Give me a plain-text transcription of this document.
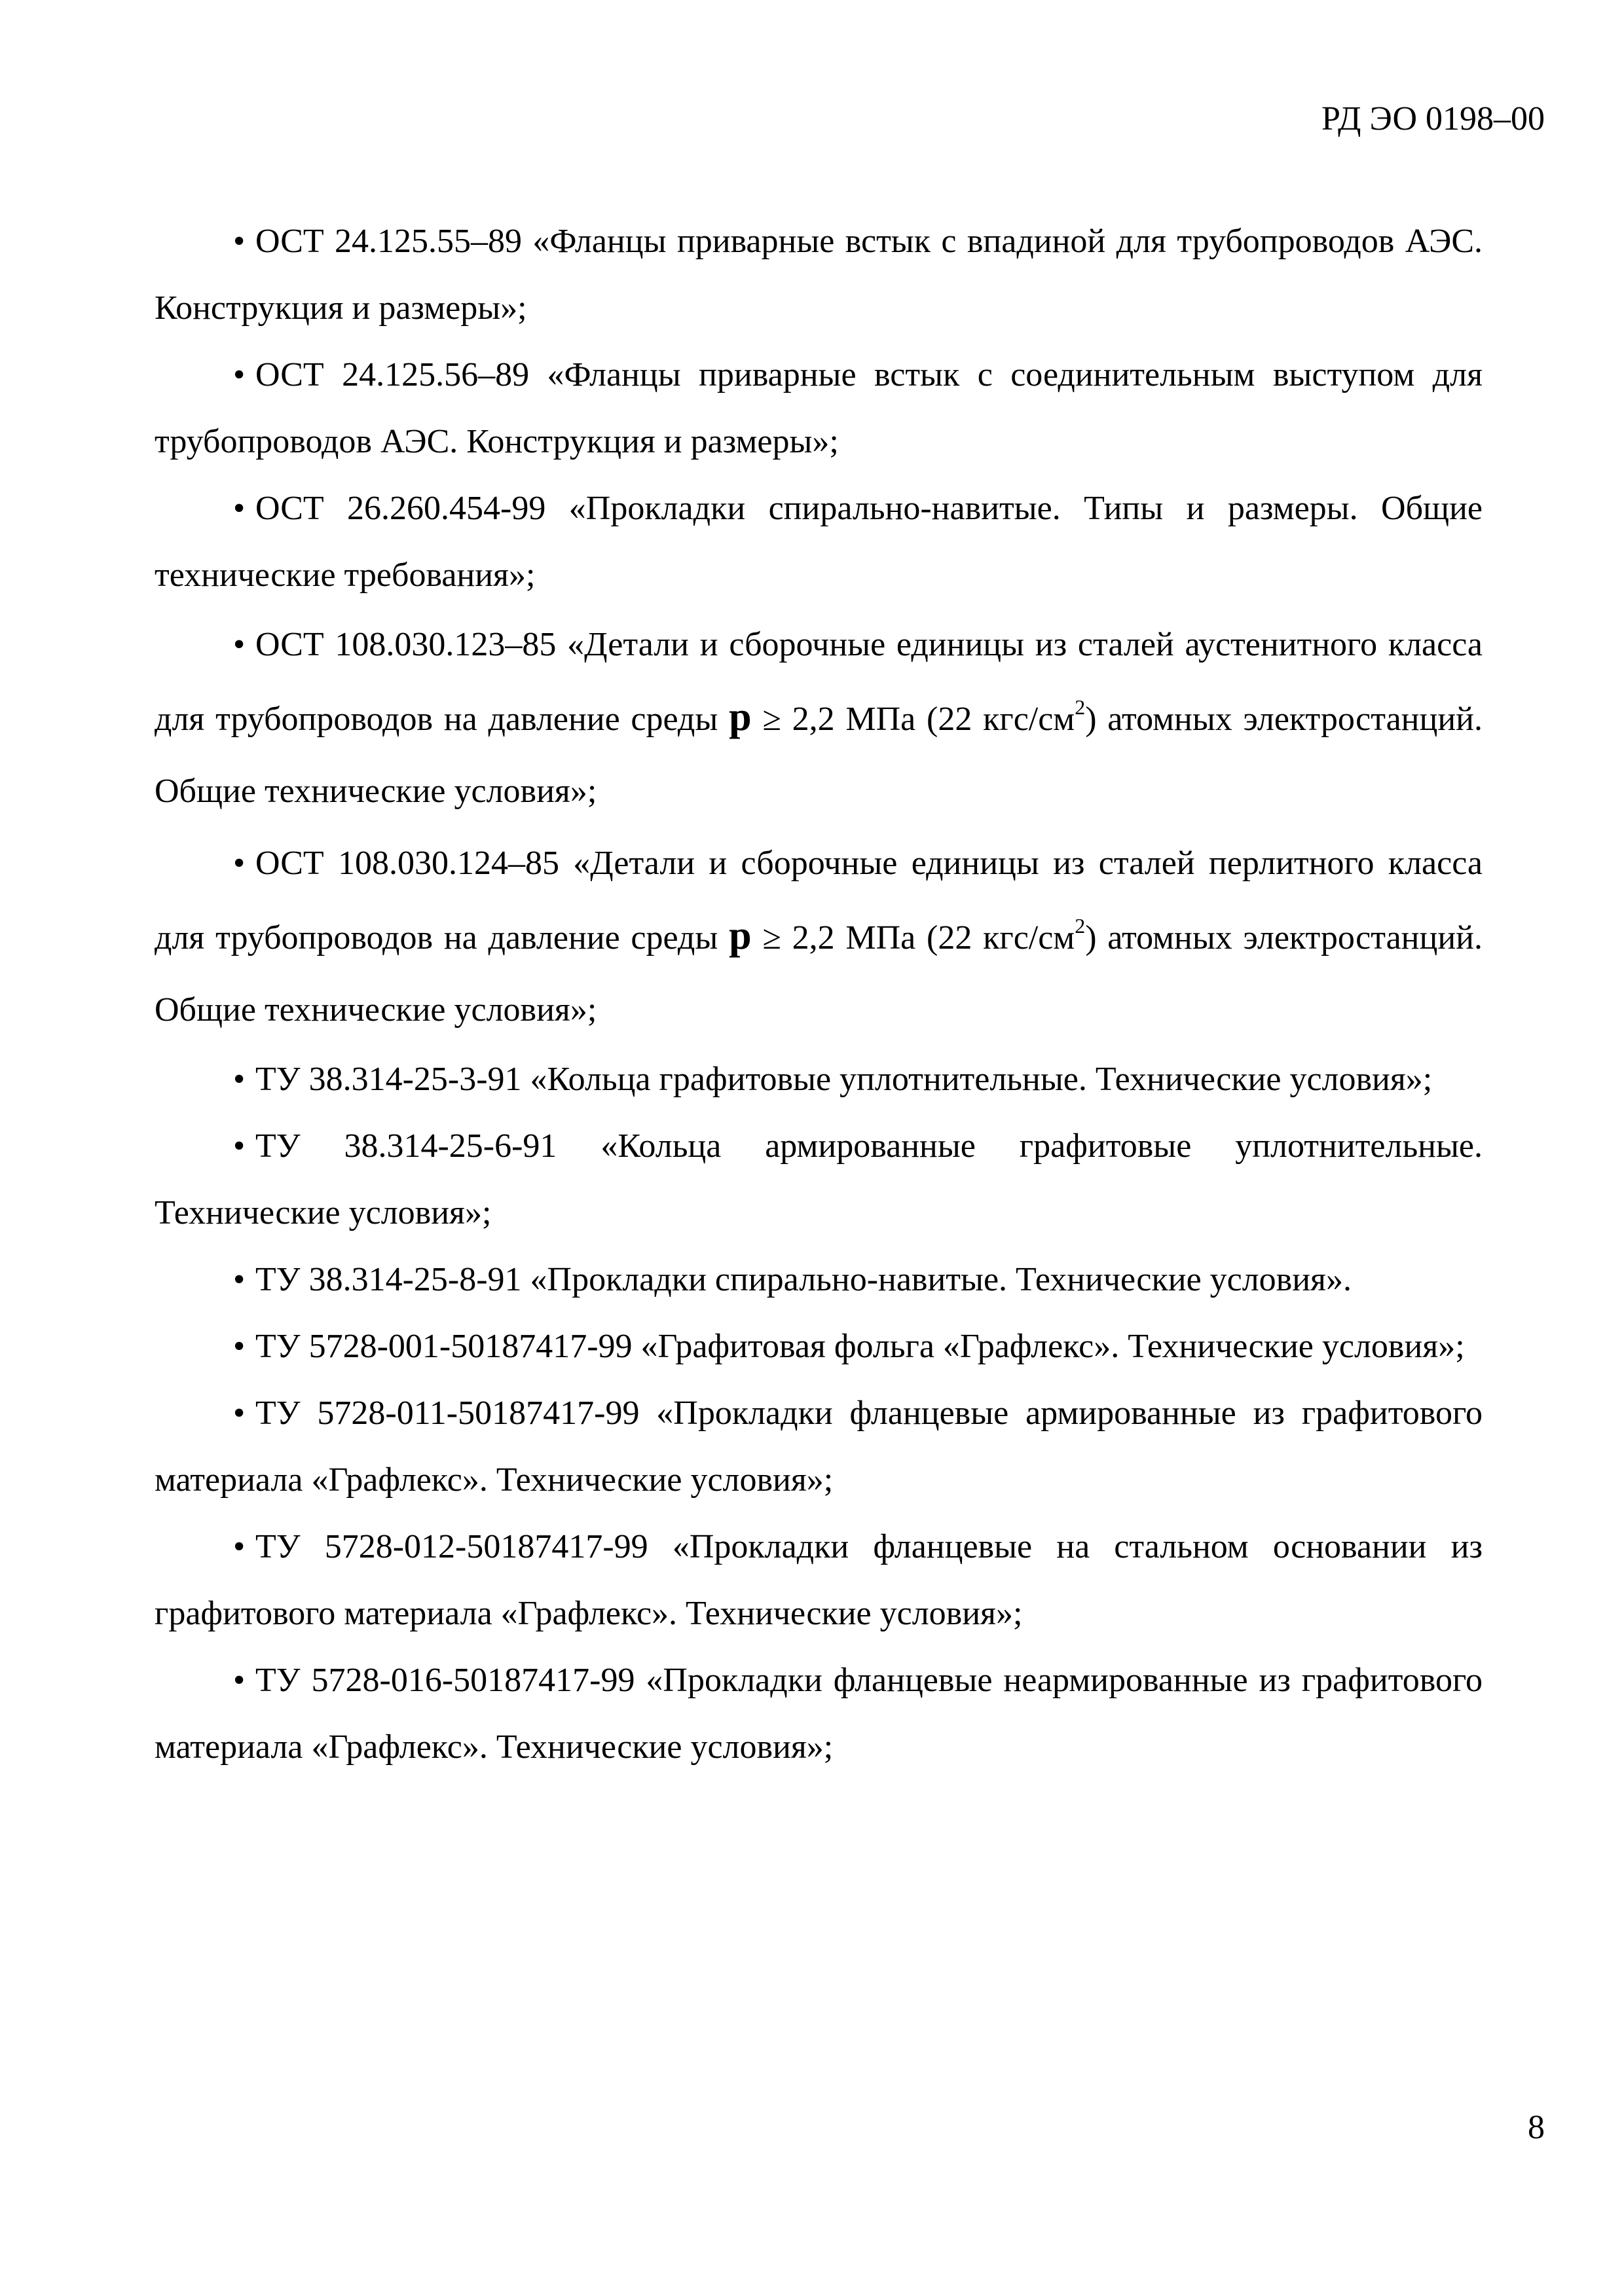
РД ЭО 0198–00

• ОСТ 24.125.55–89 «Фланцы приварные встык с впадиной для трубопроводов АЭС. Конструкция и размеры»;

• ОСТ 24.125.56–89 «Фланцы приварные встык с соединительным выступом для трубопроводов АЭС. Конструкция и размеры»;

• ОСТ 26.260.454-99 «Прокладки спирально-навитые. Типы и размеры. Общие технические требования»;

• ОСТ 108.030.123–85 «Детали и сборочные единицы из сталей аустенитного класса для трубопроводов на давление среды p ≥ 2,2 МПа (22 кгс/$см^2$) атомных электростанций. Общие технические условия»;

• ОСТ 108.030.124–85 «Детали и сборочные единицы из сталей перлитного класса для трубопроводов на давление среды p ≥ 2,2 МПа (22 кгс/$см^2$) атомных электростанций. Общие технические условия»;

• ТУ 38.314-25-3-91 «Кольца графитовые уплотнительные. Технические условия»;

• ТУ 38.314-25-6-91 «Кольца армированные графитовые уплотнительные. Технические условия»;

• ТУ 38.314-25-8-91 «Прокладки спирально-навитые. Технические условия».

• ТУ 5728-001-50187417-99 «Графитовая фольга «Графлекс». Технические условия»;

• ТУ 5728-011-50187417-99 «Прокладки фланцевые армированные из графитового материала «Графлекс». Технические условия»;

• ТУ 5728-012-50187417-99 «Прокладки фланцевые на стальном основании из графитового материала «Графлекс». Технические условия»;

• ТУ 5728-016-50187417-99 «Прокладки фланцевые неармированные из графитового материала «Графлекс». Технические условия»;

8
